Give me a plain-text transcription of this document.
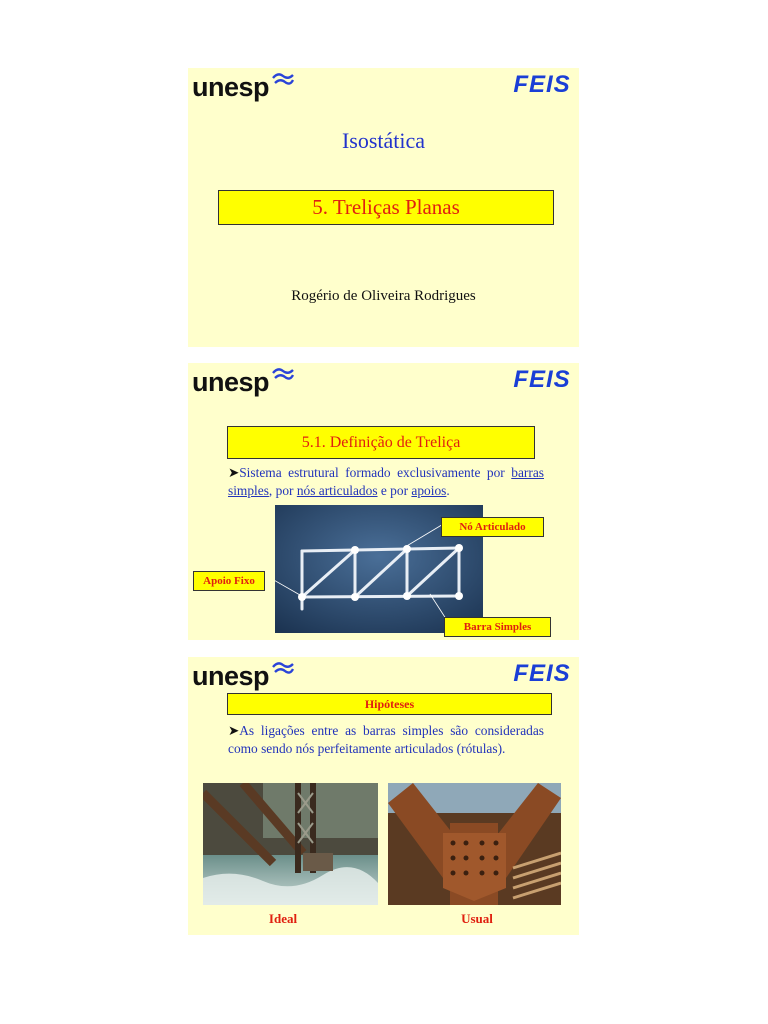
unesp	FEIS
Isostática
5. Treliças Planas
Rogério de Oliveira Rodrigues
unesp	FEIS
5.1. Definição de Treliça
➤Sistema estrutural formado exclusivamente por barras simples, por nós articulados e por apoios.
Nó Articulado
Apoio Fixo
Barra Simples
unesp	FEIS
Hipóteses
➤As ligações entre as barras simples são consideradas como sendo nós perfeitamente articulados (rótulas).
Ideal	Usual
